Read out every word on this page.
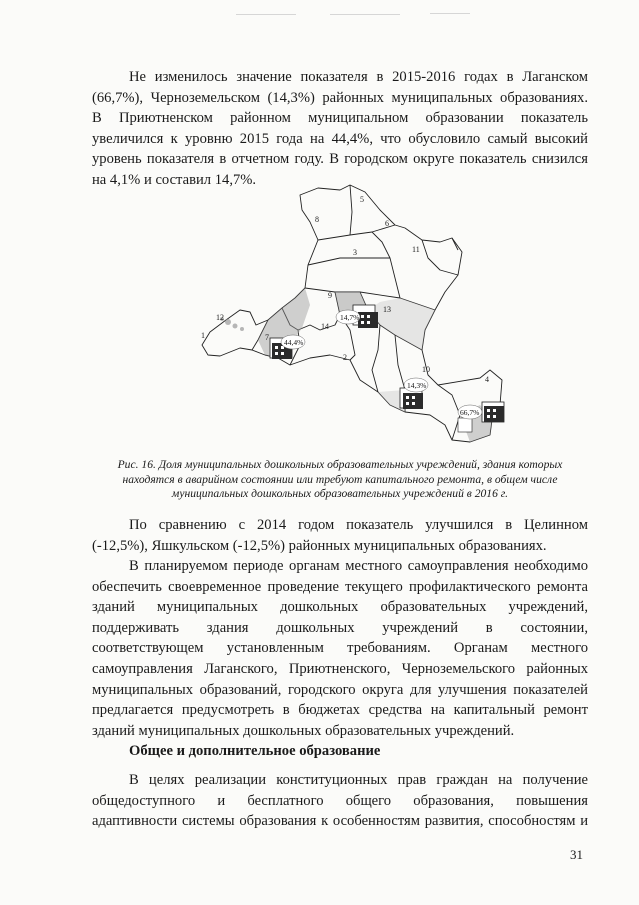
Не изменилось значение показателя в 2015-2016 годах в Лаганском
(66,7%), Черноземельском (14,3%) районных муниципальных образованиях.
В Приютненском районном муниципальном образовании показатель
увеличился к уровню 2015 года на 44,4%, что обусловило самый высокий
уровень показателя в отчетном году. В городском округе показатель снизился
на 4,1% и составил 14,7%.

1
2
3
4
5
6
7
8
9
10
11
12
13
14
14,7%
44,4%
14,3%
66,7%
Рис. 16. Доля муниципальных дошкольных образовательных учреждений, здания которых
находятся в аварийном состоянии или требуют капитального ремонта, в общем числе
муниципальных дошкольных образовательных учреждений в 2016 г.

По сравнению с 2014 годом показатель улучшился в Целинном
(-12,5%), Яшкульском (-12,5%) районных муниципальных образованиях.

В планируемом периоде органам местного самоуправления необходимо
обеспечить своевременное проведение текущего профилактического ремонта
зданий муниципальных дошкольных образовательных учреждений,
поддерживать здания дошкольных учреждений в состоянии,
соответствующем установленным требованиям. Органам местного
самоуправления Лаганского, Приютненского, Черноземельского районных
муниципальных образований, городского округа для улучшения показателей
предлагается предусмотреть в бюджетах средства на капитальный ремонт
зданий муниципальных дошкольных образовательных учреждений.

Общее и дополнительное образование

В целях реализации конституционных прав граждан на получение
общедоступного и бесплатного общего образования, повышения
адаптивности системы образования к особенностям развития, способностям и

31
